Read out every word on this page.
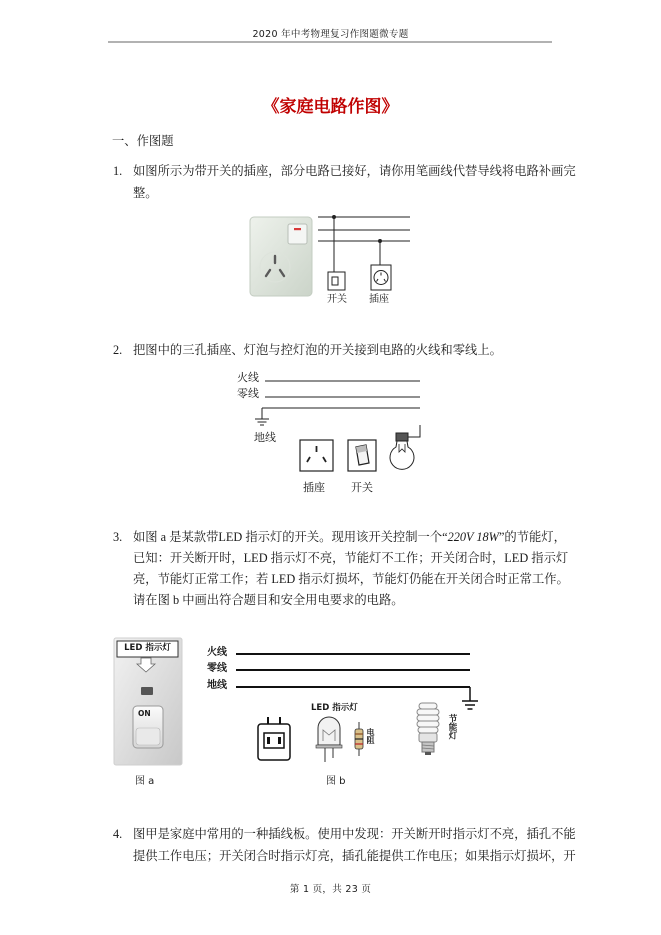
2020 年中考物理复习作图题微专题
《家庭电路作图》
一、作图题
1. 如图所示为带开关的插座，部分电路已接好，请你用笔画线代替导线将电路补画完
整。
开关 插座
2. 把图中的三孔插座、灯泡与控灯泡的开关接到电路的火线和零线上。
火线
零线
地线
插座 开关
3. 如图 a 是某款带LED 指示灯的开关。现用该开关控制一个“220V 18W”的节能灯，
已知：开关断开时，LED 指示灯不亮，节能灯不工作；开关闭合时，LED 指示灯
亮，节能灯正常工作；若 LED 指示灯损坏，节能灯仍能在开关闭合时正常工作。
请在图 b 中画出符合题目和安全用电要求的电路。
LED 指示灯
ON
图 a
火线
零线
地线
LED 指示灯
电阻	节能灯
图 b
4. 图甲是家庭中常用的一种插线板。使用中发现：开关断开时指示灯不亮，插孔不能
提供工作电压；开关闭合时指示灯亮，插孔能提供工作电压；如果指示灯损坏，开
第 1 页，共 23 页
